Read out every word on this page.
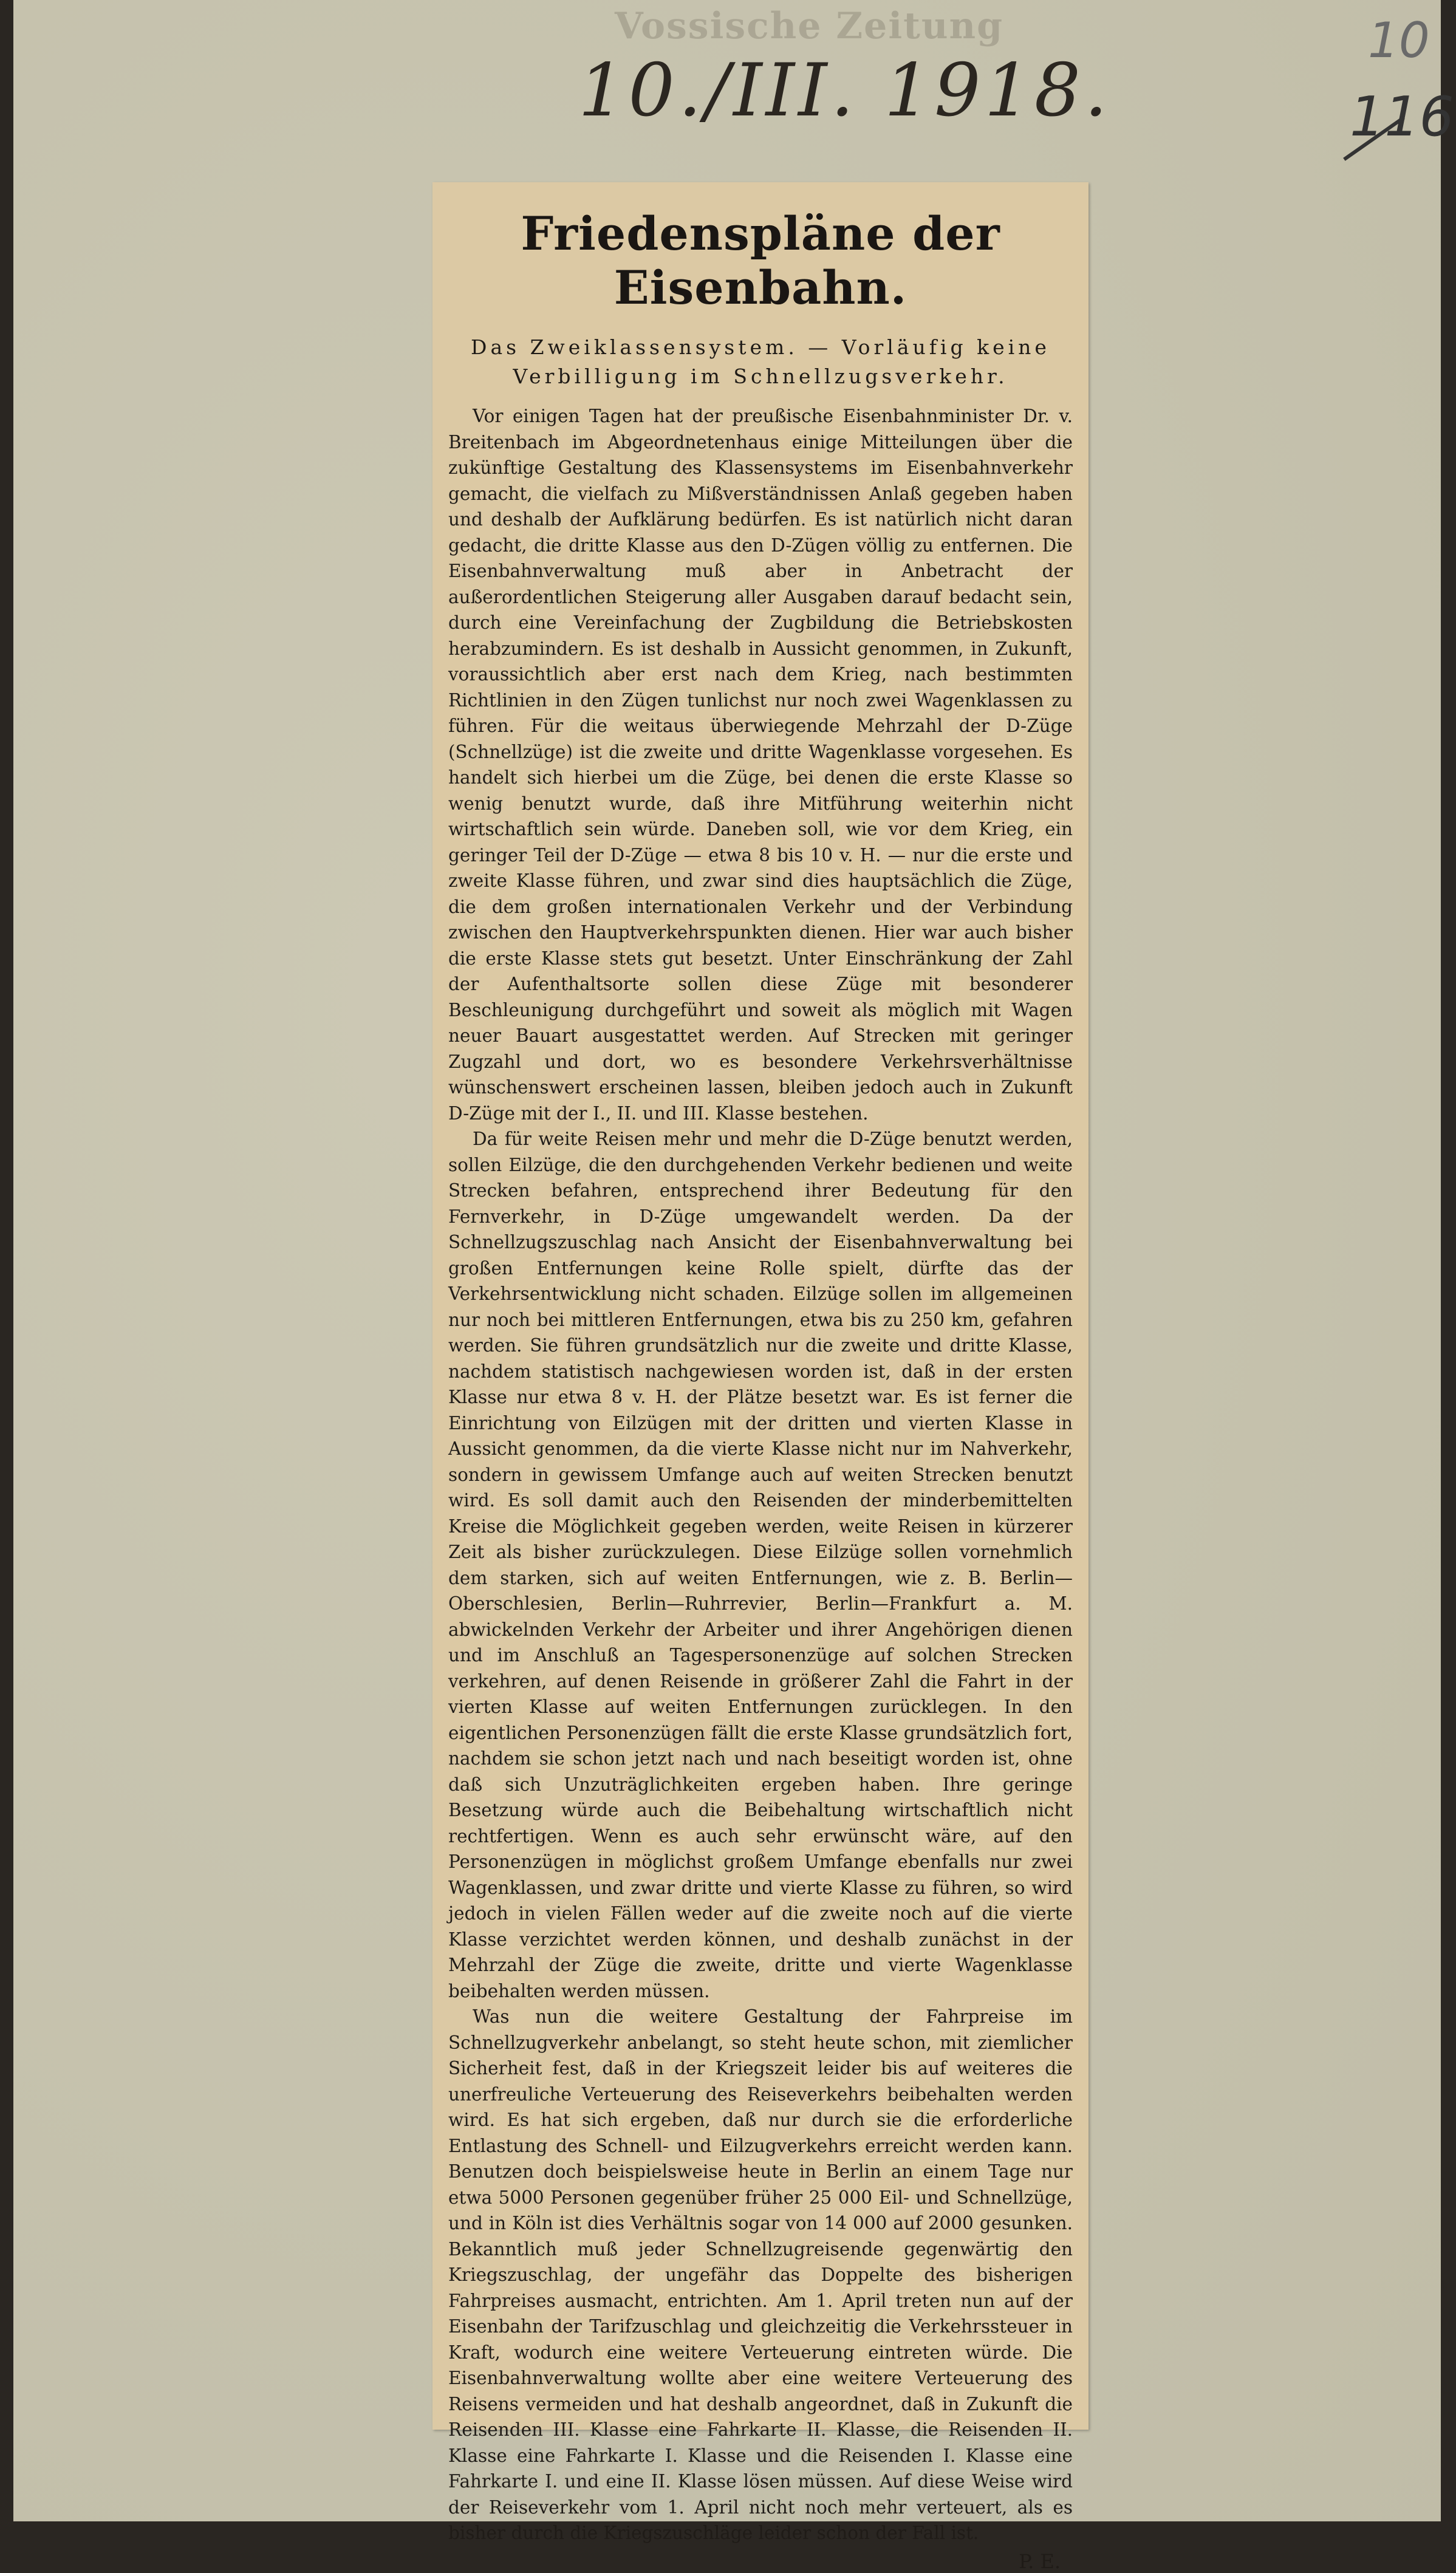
Vossische Zeitung
10./III. 1918.
10
116
Friedenspläne der Eisenbahn.
Das Zweiklassensystem. — Vorläufig keine Verbilligung im Schnellzugsverkehr.

Vor einigen Tagen hat der preußische Eisenbahnminister Dr. v. Breitenbach im Abgeordnetenhaus einige Mitteilungen über die zukünftige Gestaltung des Klassensystems im Eisenbahnverkehr gemacht, die vielfach zu Mißverständnissen Anlaß gegeben haben und deshalb der Aufklärung bedürfen. Es ist natürlich nicht daran gedacht, die dritte Klasse aus den D-Zügen völlig zu entfernen. Die Eisenbahnverwaltung muß aber in Anbetracht der außerordentlichen Steigerung aller Ausgaben darauf bedacht sein, durch eine Vereinfachung der Zugbildung die Betriebskosten herabzumindern. Es ist deshalb in Aussicht genommen, in Zukunft, voraussichtlich aber erst nach dem Krieg, nach bestimmten Richtlinien in den Zügen tunlichst nur noch zwei Wagenklassen zu führen. Für die weitaus überwiegende Mehrzahl der D-Züge (Schnellzüge) ist die zweite und dritte Wagenklasse vorgesehen. Es handelt sich hierbei um die Züge, bei denen die erste Klasse so wenig benutzt wurde, daß ihre Mitführung weiterhin nicht wirtschaftlich sein würde. Daneben soll, wie vor dem Krieg, ein geringer Teil der D-Züge — etwa 8 bis 10 v. H. — nur die erste und zweite Klasse führen, und zwar sind dies hauptsächlich die Züge, die dem großen internationalen Verkehr und der Verbindung zwischen den Hauptverkehrspunkten dienen. Hier war auch bisher die erste Klasse stets gut besetzt. Unter Einschränkung der Zahl der Aufenthaltsorte sollen diese Züge mit besonderer Beschleunigung durchgeführt und soweit als möglich mit Wagen neuer Bauart ausgestattet werden. Auf Strecken mit geringer Zugzahl und dort, wo es besondere Verkehrsverhältnisse wünschenswert erscheinen lassen, bleiben jedoch auch in Zukunft D-Züge mit der I., II. und III. Klasse bestehen.

Da für weite Reisen mehr und mehr die D-Züge benutzt werden, sollen Eilzüge, die den durchgehenden Verkehr bedienen und weite Strecken befahren, entsprechend ihrer Bedeutung für den Fernverkehr, in D-Züge umgewandelt werden. Da der Schnellzugszuschlag nach Ansicht der Eisenbahnverwaltung bei großen Entfernungen keine Rolle spielt, dürfte das der Verkehrsentwicklung nicht schaden. Eilzüge sollen im allgemeinen nur noch bei mittleren Entfernungen, etwa bis zu 250 km, gefahren werden. Sie führen grundsätzlich nur die zweite und dritte Klasse, nachdem statistisch nachgewiesen worden ist, daß in der ersten Klasse nur etwa 8 v. H. der Plätze besetzt war. Es ist ferner die Einrichtung von Eilzügen mit der dritten und vierten Klasse in Aussicht genommen, da die vierte Klasse nicht nur im Nahverkehr, sondern in gewissem Umfange auch auf weiten Strecken benutzt wird. Es soll damit auch den Reisenden der minderbemittelten Kreise die Möglichkeit gegeben werden, weite Reisen in kürzerer Zeit als bisher zurückzulegen. Diese Eilzüge sollen vornehmlich dem starken, sich auf weiten Entfernungen, wie z. B. Berlin—Oberschlesien, Berlin—Ruhrrevier, Berlin—Frankfurt a. M. abwickelnden Verkehr der Arbeiter und ihrer Angehörigen dienen und im Anschluß an Tagespersonenzüge auf solchen Strecken verkehren, auf denen Reisende in größerer Zahl die Fahrt in der vierten Klasse auf weiten Entfernungen zurücklegen. In den eigentlichen Personenzügen fällt die erste Klasse grundsätzlich fort, nachdem sie schon jetzt nach und nach beseitigt worden ist, ohne daß sich Unzuträglichkeiten ergeben haben. Ihre geringe Besetzung würde auch die Beibehaltung wirtschaftlich nicht rechtfertigen. Wenn es auch sehr erwünscht wäre, auf den Personenzügen in möglichst großem Umfange ebenfalls nur zwei Wagenklassen, und zwar dritte und vierte Klasse zu führen, so wird jedoch in vielen Fällen weder auf die zweite noch auf die vierte Klasse verzichtet werden können, und deshalb zunächst in der Mehrzahl der Züge die zweite, dritte und vierte Wagenklasse beibehalten werden müssen.

Was nun die weitere Gestaltung der Fahrpreise im Schnellzugverkehr anbelangt, so steht heute schon, mit ziemlicher Sicherheit fest, daß in der Kriegszeit leider bis auf weiteres die unerfreuliche Verteuerung des Reiseverkehrs beibehalten werden wird. Es hat sich ergeben, daß nur durch sie die erforderliche Entlastung des Schnell- und Eilzugverkehrs erreicht werden kann. Benutzen doch beispielsweise heute in Berlin an einem Tage nur etwa 5000 Personen gegenüber früher 25 000 Eil- und Schnellzüge, und in Köln ist dies Verhältnis sogar von 14 000 auf 2000 gesunken. Bekanntlich muß jeder Schnellzugreisende gegenwärtig den Kriegszuschlag, der ungefähr das Doppelte des bisherigen Fahrpreises ausmacht, entrichten. Am 1. April treten nun auf der Eisenbahn der Tarifzuschlag und gleichzeitig die Verkehrssteuer in Kraft, wodurch eine weitere Verteuerung eintreten würde. Die Eisenbahnverwaltung wollte aber eine weitere Verteuerung des Reisens vermeiden und hat deshalb angeordnet, daß in Zukunft die Reisenden III. Klasse eine Fahrkarte II. Klasse, die Reisenden II. Klasse eine Fahrkarte I. Klasse und die Reisenden I. Klasse eine Fahrkarte I. und eine II. Klasse lösen müssen. Auf diese Weise wird der Reiseverkehr vom 1. April nicht noch mehr verteuert, als es bisher durch die Kriegszuschläge leider schon der Fall ist.

P. E.
